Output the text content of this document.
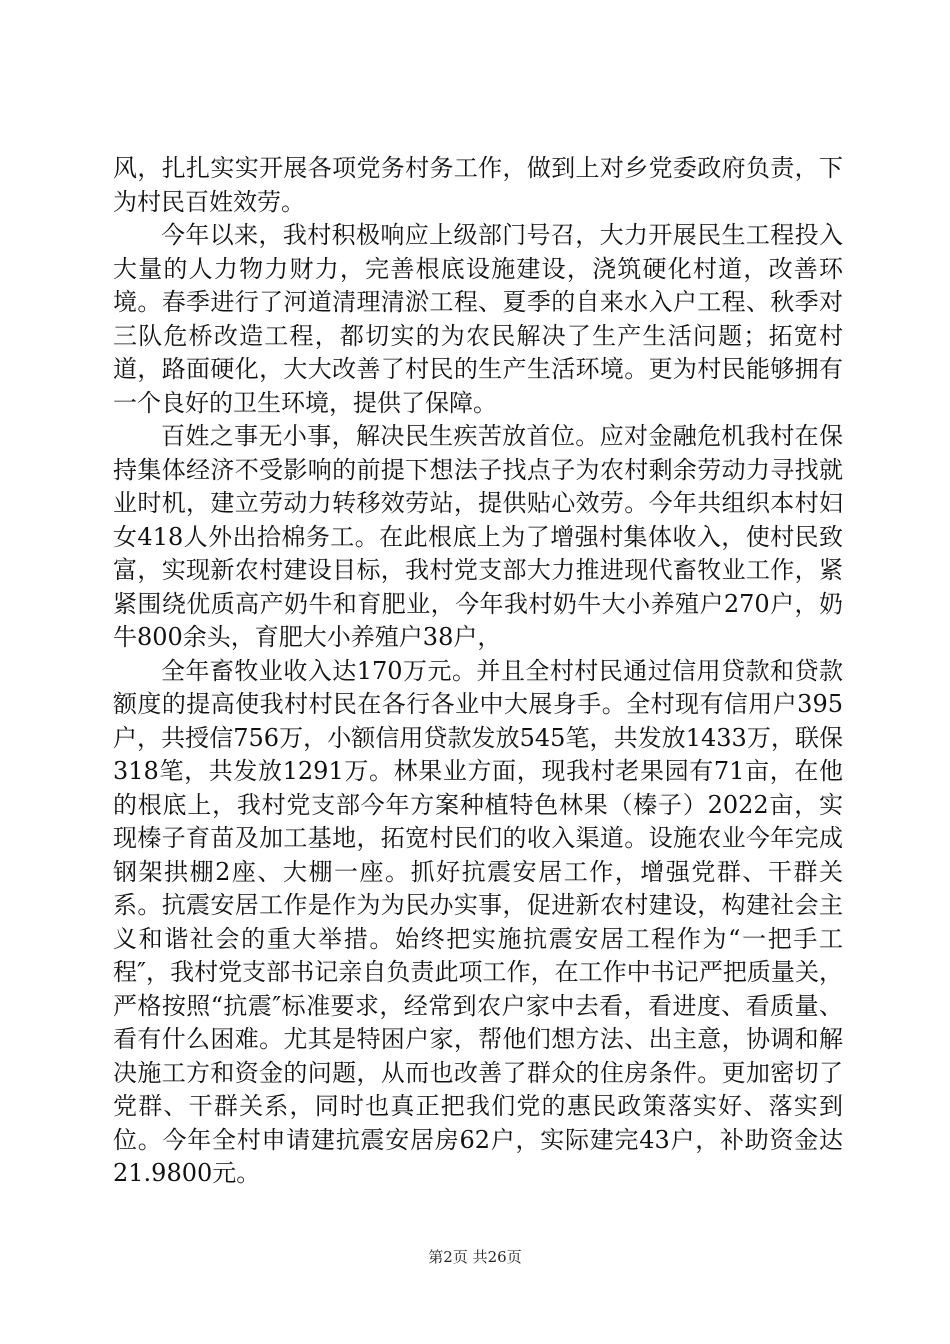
风，扎扎实实开展各项党务村务工作，做到上对乡党委政府负责，下为村民百姓效劳。

今年以来，我村积极响应上级部门号召，大力开展民生工程投入大量的人力物力财力，完善根底设施建设，浇筑硬化村道，改善环境。春季进行了河道清理清淤工程、夏季的自来水入户工程、秋季对三队危桥改造工程，都切实的为农民解决了生产生活问题；拓宽村道，路面硬化，大大改善了村民的生产生活环境。更为村民能够拥有一个良好的卫生环境，提供了保障。

百姓之事无小事，解决民生疾苦放首位。应对金融危机我村在保持集体经济不受影响的前提下想法子找点子为农村剩余劳动力寻找就业时机，建立劳动力转移效劳站，提供贴心效劳。今年共组织本村妇女418人外出拾棉务工。在此根底上为了增强村集体收入，使村民致富，实现新农村建设目标，我村党支部大力推进现代畜牧业工作，紧紧围绕优质高产奶牛和育肥业，今年我村奶牛大小养殖户270户，奶牛800余头，育肥大小养殖户38户，

全年畜牧业收入达170万元。并且全村村民通过信用贷款和贷款额度的提高使我村村民在各行各业中大展身手。全村现有信用户395户，共授信756万，小额信用贷款发放545笔，共发放1433万，联保318笔，共发放1291万。林果业方面，现我村老果园有71亩，在他的根底上，我村党支部今年方案种植特色林果（榛子）2022亩，实现榛子育苗及加工基地，拓宽村民们的收入渠道。设施农业今年完成钢架拱棚2座、大棚一座。抓好抗震安居工作，增强党群、干群关系。抗震安居工作是作为为民办实事，促进新农村建设，构建社会主义和谐社会的重大举措。始终把实施抗震安居工程作为“一把手工程″，我村党支部书记亲自负责此项工作，在工作中书记严把质量关，严格按照“抗震″标准要求，经常到农户家中去看，看进度、看质量、看有什么困难。尤其是特困户家，帮他们想方法、出主意，协调和解决施工方和资金的问题，从而也改善了群众的住房条件。更加密切了党群、干群关系，同时也真正把我们党的惠民政策落实好、落实到位。今年全村申请建抗震安居房62户，实际建完43户，补助资金达21.9800元。

第2页 共26页
